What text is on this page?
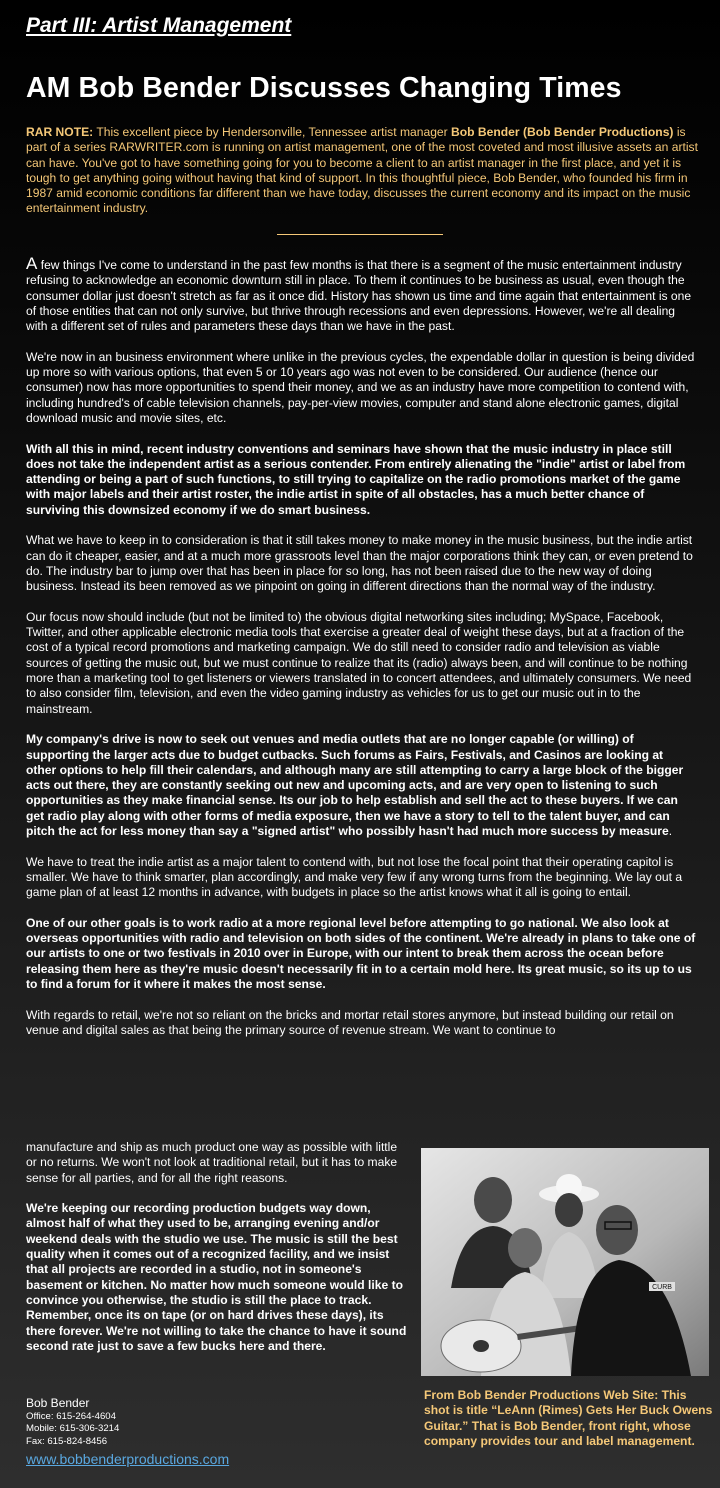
Part III: Artist Management
AM Bob Bender Discusses Changing Times

RAR NOTE: This excellent piece by Hendersonville, Tennessee artist manager Bob Bender (Bob Bender Productions) is part of a series RARWRITER.com is running on artist management, one of the most coveted and most illusive assets an artist can have. You've got to have something going for you to become a client to an artist manager in the first place, and yet it is tough to get anything going without having that kind of support. In this thoughtful piece, Bob Bender, who founded his firm in 1987 amid economic conditions far different than we have today, discusses the current economy and its impact on the music entertainment industry.

A few things I've come to understand in the past few months is that there is a segment of the music entertainment industry refusing to acknowledge an economic downturn still in place. To them it continues to be business as usual, even though the consumer dollar just doesn't stretch as far as it once did. History has shown us time and time again that entertainment is one of those entities that can not only survive, but thrive through recessions and even depressions. However, we're all dealing with a different set of rules and parameters these days than we have in the past.

We're now in an business environment where unlike in the previous cycles, the expendable dollar in question is being divided up more so with various options, that even 5 or 10 years ago was not even to be considered. Our audience (hence our consumer) now has more opportunities to spend their money, and we as an industry have more competition to contend with, including hundred's of cable television channels, pay-per-view movies, computer and stand alone electronic games, digital download music and movie sites, etc.

With all this in mind, recent industry conventions and seminars have shown that the music industry in place still does not take the independent artist as a serious contender. From entirely alienating the "indie" artist or label from attending or being a part of such functions, to still trying to capitalize on the radio promotions market of the game with major labels and their artist roster, the indie artist in spite of all obstacles, has a much better chance of surviving this downsized economy if we do smart business.

What we have to keep in to consideration is that it still takes money to make money in the music business, but the indie artist can do it cheaper, easier, and at a much more grassroots level than the major corporations think they can, or even pretend to do. The industry bar to jump over that has been in place for so long, has not been raised due to the new way of doing business. Instead its been removed as we pinpoint on going in different directions than the normal way of the industry.

Our focus now should include (but not be limited to) the obvious digital networking sites including; MySpace, Facebook, Twitter, and other applicable electronic media tools that exercise a greater deal of weight these days, but at a fraction of the cost of a typical record promotions and marketing campaign. We do still need to consider radio and television as viable sources of getting the music out, but we must continue to realize that its (radio) always been, and will continue to be nothing more than a marketing tool to get listeners or viewers translated in to concert attendees, and ultimately consumers. We need to also consider film, television, and even the video gaming industry as vehicles for us to get our music out in to the mainstream.

My company's drive is now to seek out venues and media outlets that are no longer capable (or willing) of supporting the larger acts due to budget cutbacks. Such forums as Fairs, Festivals, and Casinos are looking at other options to help fill their calendars, and although many are still attempting to carry a large block of the bigger acts out there, they are constantly seeking out new and upcoming acts, and are very open to listening to such opportunities as they make financial sense. Its our job to help establish and sell the act to these buyers. If we can get radio play along with other forms of media exposure, then we have a story to tell to the talent buyer, and can pitch the act for less money than say a "signed artist" who possibly hasn't had much more success by measure.

We have to treat the indie artist as a major talent to contend with, but not lose the focal point that their operating capitol is smaller. We have to think smarter, plan accordingly, and make very few if any wrong turns from the beginning. We lay out a game plan of at least 12 months in advance, with budgets in place so the artist knows what it all is going to entail.

One of our other goals is to work radio at a more regional level before attempting to go national. We also look at overseas opportunities with radio and television on both sides of the continent. We're already in plans to take one of our artists to one or two festivals in 2010 over in Europe, with our intent to break them across the ocean before releasing them here as they're music doesn't necessarily fit in to a certain mold here. Its great music, so its up to us to find a forum for it where it makes the most sense.

With regards to retail, we're not so reliant on the bricks and mortar retail stores anymore, but instead building our retail on venue and digital sales as that being the primary source of revenue stream. We want to continue to

manufacture and ship as much product one way as possible with little or no returns. We won't not look at traditional retail, but it has to make sense for all parties, and for all the right reasons.

We're keeping our recording production budgets way down, almost half of what they used to be, arranging evening and/or weekend deals with the studio we use. The music is still the best quality when it comes out of a recognized facility, and we insist that all projects are recorded in a studio, not in someone's basement or kitchen. No matter how much someone would like to convince you otherwise, the studio is still the place to track. Remember, once its on tape (or on hard drives these days), its there forever. We're not willing to take the chance to have it sound second rate just to save a few bucks here and there.

CURB
From Bob Bender Productions Web Site: This shot is title “LeAnn (Rimes) Gets Her Buck Owens Guitar.” That is Bob Bender, front right, whose company provides tour and label management.
Bob Bender
Office: 615-264-4604
Mobile: 615-306-3214
Fax: 615-824-8456
www.bobbenderproductions.com
